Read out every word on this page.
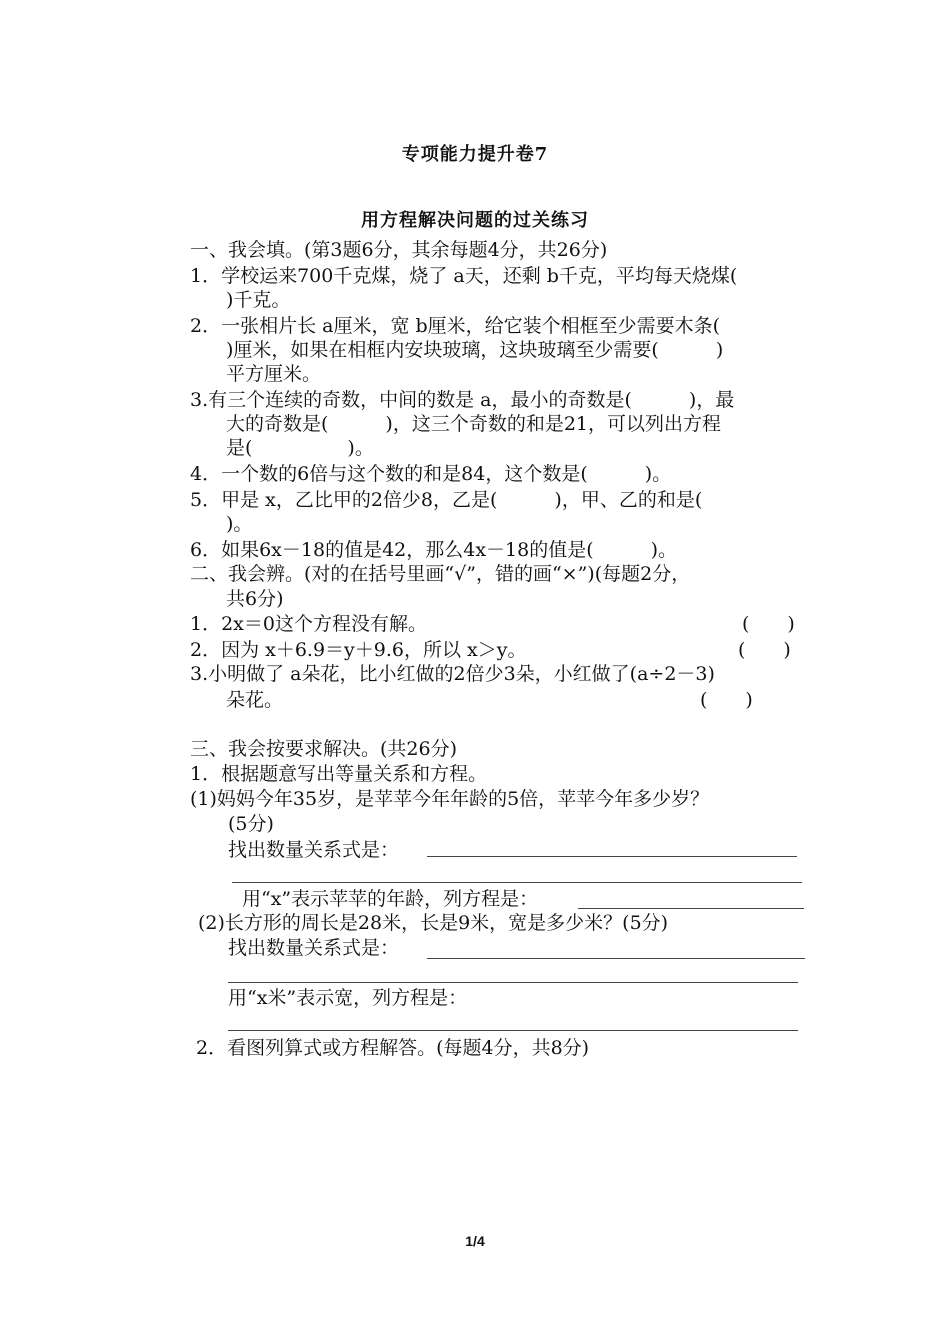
专项能力提升卷7
用方程解决问题的过关练习
一、我会填。(第3题6分，其余每题4分，共26分)
1．学校运来700千克煤，烧了 a天，还剩 b千克，平均每天烧煤(
)千克。
2．一张相片长 a厘米，宽 b厘米，给它装个相框至少需要木条(
)厘米，如果在相框内安块玻璃，这块玻璃至少需要(　　　)
平方厘米。
3.有三个连续的奇数，中间的数是 a，最小的奇数是(　　　)，最
大的奇数是(　　　)，这三个奇数的和是21，可以列出方程
是(　　　　　)。
4．一个数的6倍与这个数的和是84，这个数是(　　　)。
5．甲是 x，乙比甲的2倍少8，乙是(　　　)，甲、乙的和是(
)。
6．如果6x－18的值是42，那么4x－18的值是(　　　)。
二、我会辨。(对的在括号里画“√”，错的画“×”)(每题2分，
共6分)
1．2x＝0这个方程没有解。	(　　)
2．因为 x＋6.9＝y＋9.6，所以 x＞y。	(　　)
3.小明做了 a朵花，比小红做的2倍少3朵，小红做了(a÷2－3)
朵花。	(　　)
三、我会按要求解决。(共26分)
1．根据题意写出等量关系和方程。
(1)妈妈今年35岁，是苹苹今年年龄的5倍，苹苹今年多少岁？
(5分)
找出数量关系式是：
用“x”表示苹苹的年龄，列方程是：
(2)长方形的周长是28米，长是9米，宽是多少米？(5分)
找出数量关系式是：
用“x米”表示宽，列方程是：
2．看图列算式或方程解答。(每题4分，共8分)
1/4
